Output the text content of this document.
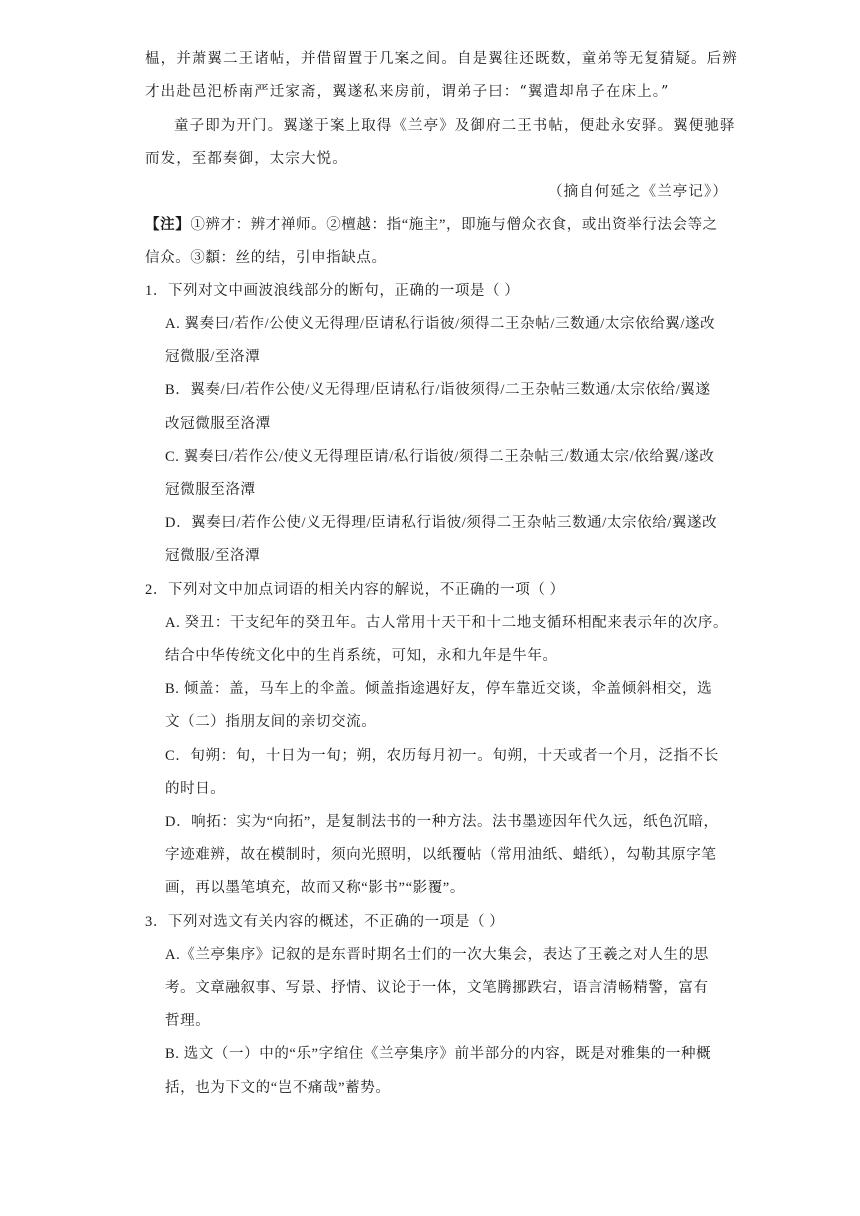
榅，并萧翼二王诸帖，并借留置于几案之间。自是翼往还既数，童弟等无复猜疑。后辨
才出赴邑汜桥南严迁家斋，翼遂私来房前，谓弟子曰：“翼遣却帛子在床上。”
童子即为开门。翼遂于案上取得《兰亭》及御府二王书帖，便赴永安驿。翼便驰驿
而发，至都奏御，太宗大悦。
（摘自何延之《兰亭记》）
【注】①辨才：辨才禅师。②檀越：指“施主”，即施与僧众衣食，或出资举行法会等之
信众。③纇：丝的结，引申指缺点。
1．下列对文中画波浪线部分的断句，正确的一项是（ ）
A. 翼奏曰/若作/公使义无得理/臣请私行诣彼/须得二王杂帖/三数通/太宗依给翼/遂改
冠微服/至洛潭
B．翼奏/曰/若作公使/义无得理/臣请私行/诣彼须得/二王杂帖三数通/太宗依给/翼遂
改冠微服至洛潭
C. 翼奏曰/若作公/使义无得理臣请/私行诣彼/须得二王杂帖三/数通太宗/依给翼/遂改
冠微服至洛潭
D．翼奏曰/若作公使/义无得理/臣请私行诣彼/须得二王杂帖三数通/太宗依给/翼遂改
冠微服/至洛潭
2．下列对文中加点词语的相关内容的解说，不正确的一项（ ）
A. 癸丑：干支纪年的癸丑年。古人常用十天干和十二地支循环相配来表示年的次序。
结合中华传统文化中的生肖系统，可知，永和九年是牛年。
B. 倾盖：盖，马车上的伞盖。倾盖指途遇好友，停车靠近交谈，伞盖倾斜相交，选
文（二）指朋友间的亲切交流。
C．旬朔：旬，十日为一旬；朔，农历每月初一。旬朔，十天或者一个月，泛指不长
的时日。
D．响拓：实为“向拓”，是复制法书的一种方法。法书墨迹因年代久远，纸色沉暗，
字迹难辨，故在模制时，须向光照明，以纸覆帖（常用油纸、蜡纸），勾勒其原字笔
画，再以墨笔填充，故而又称“影书”“影覆”。
3．下列对选文有关内容的概述，不正确的一项是（ ）
A.《兰亭集序》记叙的是东晋时期名士们的一次大集会，表达了王羲之对人生的思
考。文章融叙事、写景、抒情、议论于一体，文笔腾挪跌宕，语言清畅精警，富有
哲理。
B. 选文（一）中的“乐”字绾住《兰亭集序》前半部分的内容，既是对雅集的一种概
括，也为下文的“岂不痛哉”蓄势。
